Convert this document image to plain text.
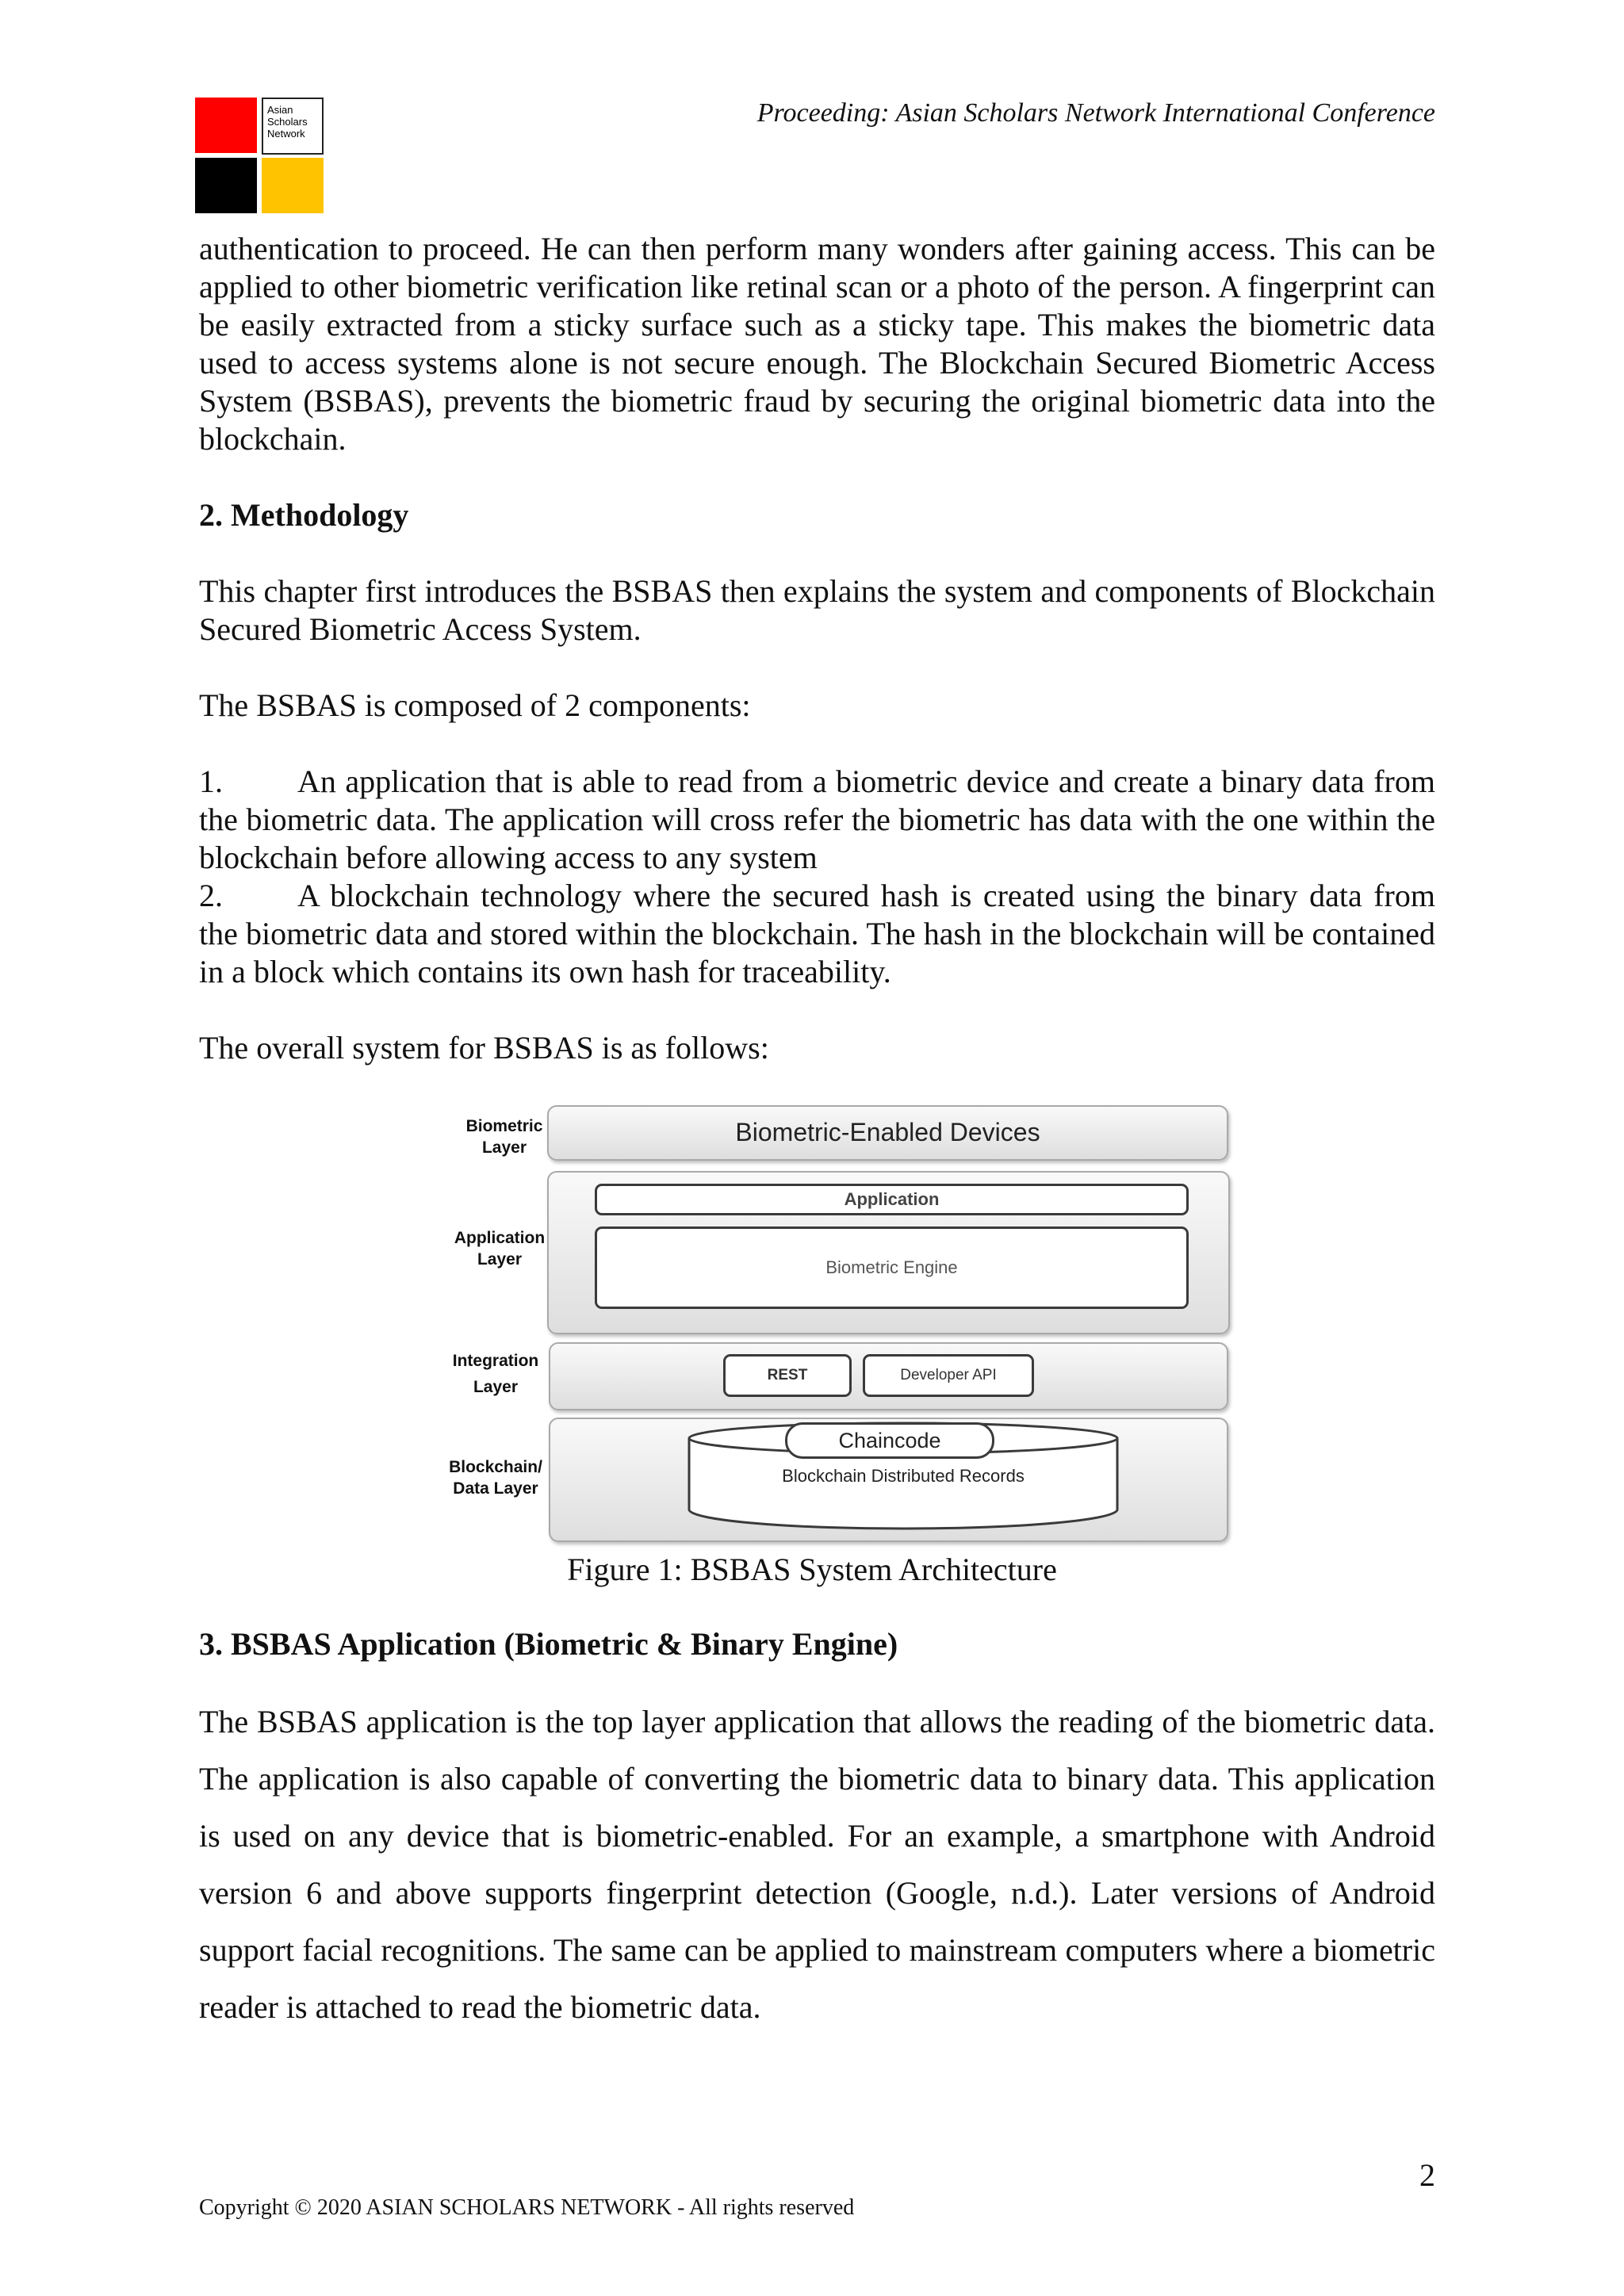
Asian
Scholars
Network
Proceeding: Asian Scholars Network International Conference

authentication to proceed. He can then perform many wonders after gaining access. This can be applied to other biometric verification like retinal scan or a photo of the person. A fingerprint can be easily extracted from a sticky surface such as a sticky tape. This makes the biometric data used to access systems alone is not secure enough. The Blockchain Secured Biometric Access System (BSBAS), prevents the biometric fraud by securing the original biometric data into the blockchain.

2. Methodology

This chapter first introduces the BSBAS then explains the system and components of Blockchain Secured Biometric Access System.

The BSBAS is composed of 2 components:

1. An application that is able to read from a biometric device and create a binary data from the biometric data. The application will cross refer the biometric has data with the one within the blockchain before allowing access to any system

2. A blockchain technology where the secured hash is created using the binary data from the biometric data and stored within the blockchain. The hash in the blockchain will be contained in a block which contains its own hash for traceability.

The overall system for BSBAS is as follows:

Biometric
Layer
Application
Layer
Integration
Layer
Blockchain/
Data Layer
Biometric-Enabled Devices
Application
Biometric Engine
REST	Developer API
Chaincode
Blockchain Distributed Records
Figure 1: BSBAS System Architecture
3. BSBAS Application (Biometric & Binary Engine)

The BSBAS application is the top layer application that allows the reading of the biometric data. The application is also capable of converting the biometric data to binary data. This application is used on any device that is biometric-enabled. For an example, a smartphone with Android version 6 and above supports fingerprint detection (Google, n.d.). Later versions of Android support facial recognitions. The same can be applied to mainstream computers where a biometric reader is attached to read the biometric data.

2
Copyright © 2020 ASIAN SCHOLARS NETWORK - All rights reserved
